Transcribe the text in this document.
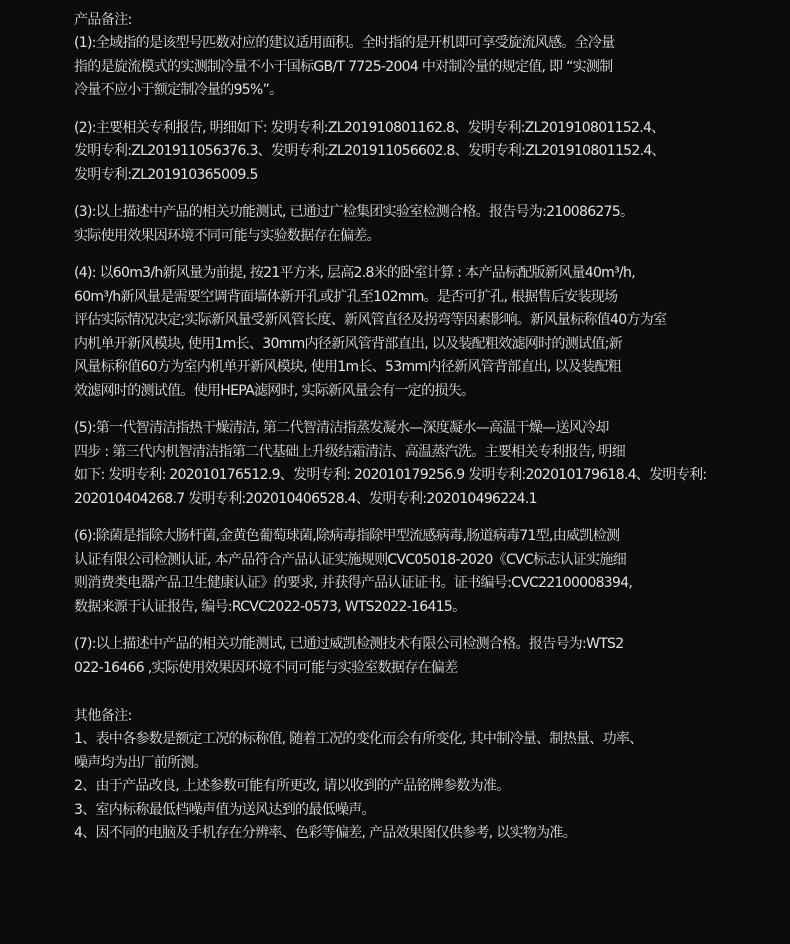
产品备注:
(1):全域指的是该型号匹数对应的建议适用面积。全时指的是开机即可享受旋流风感。全冷量
指的是旋流模式的实测制冷量不小于国标GB/T 7725-2004 中对制冷量的规定值, 即 “实测制
冷量不应小于额定制冷量的95%”。
(2):主要相关专利报告, 明细如下: 发明专利:ZL201910801162.8、发明专利:ZL201910801152.4、
发明专利:ZL201911056376.3、发明专利:ZL201911056602.8、发明专利:ZL201910801152.4、
发明专利:ZL201910365009.5
(3):以上描述中产品的相关功能测试, 已通过广检集团实验室检测合格。报告号为:210086275。
实际使用效果因环境不同可能与实验数据存在偏差。
(4): 以60m3/h新风量为前提, 按21平方米, 层高2.8米的卧室计算 : 本产品标配版新风量40m³/h,
60m³/h新风量是需要空调背面墙体新开孔或扩孔至102mm。是否可扩孔, 根据售后安装现场
评估实际情况决定;实际新风量受新风管长度、新风管直径及拐弯等因素影响。新风量标称值40方为室
内机单开新风模块, 使用1m长、30mm内径新风管背部直出, 以及装配粗效滤网时的测试值;新
风量标称值60方为室内机单开新风模块, 使用1m长、53mm内径新风管背部直出, 以及装配粗
效滤网时的测试值。使用HEPA滤网时, 实际新风量会有一定的损失。
(5):第一代智清洁指热干燥清洁, 第二代智清洁指蒸发凝水—深度凝水—高温干燥—送风冷却
四步 : 第三代内机智清洁指第二代基础上升级结霜清洁、高温蒸汽洗。主要相关专利报告, 明细
如下: 发明专利: 202010176512.9、发明专利: 202010179256.9 发明专利:202010179618.4、发明专利:
202010404268.7 发明专利:202010406528.4、发明专利:202010496224.1
(6):除菌是指除大肠杆菌,金黄色葡萄球菌,除病毒指除甲型流感病毒,肠道病毒71型,由威凯检测
认证有限公司检测认证, 本产品符合产品认证实施规则CVC05018-2020《CVC标志认证实施细
则消费类电器产品卫生健康认证》的要求, 并获得产品认证证书。证书编号:CVC22100008394,
数据来源于认证报告, 编号:RCVC2022-0573, WTS2022-16415。
(7):以上描述中产品的相关功能测试, 已通过威凯检测技术有限公司检测合格。报告号为:WTS2
022-16466 ,实际使用效果因环境不同可能与实验室数据存在偏差
其他备注:
1、表中各参数是额定工况的标称值, 随着工况的变化而会有所变化, 其中制冷量、制热量、功率、
噪声均为出厂前所测。
2、由于产品改良, 上述参数可能有所更改, 请以收到的产品铭牌参数为准。
3、室内标称最低档噪声值为送风达到的最低噪声。
4、因不同的电脑及手机存在分辨率、色彩等偏差, 产品效果图仅供参考, 以实物为准。
